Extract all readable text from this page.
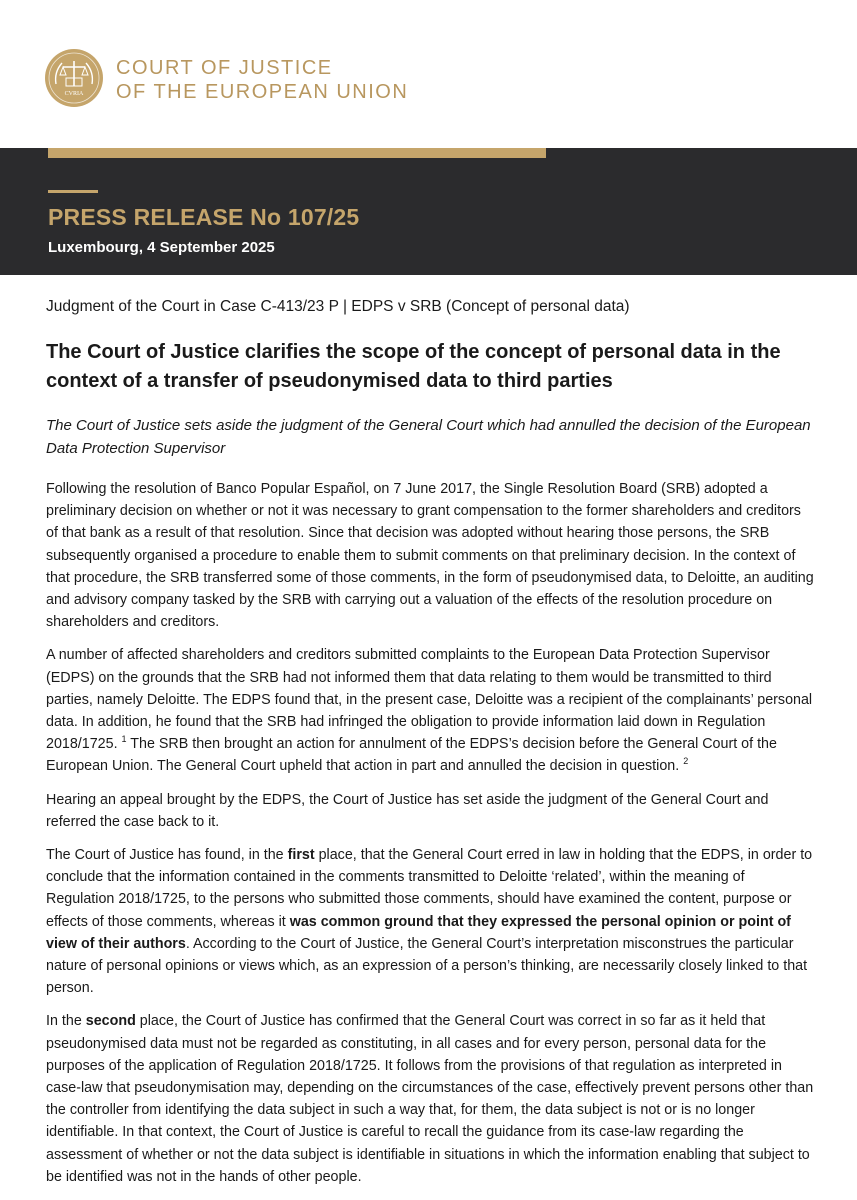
CVRIA
COURT OF JUSTICE
OF THE EUROPEAN UNION
PRESS RELEASE No 107/25
Luxembourg, 4 September 2025

Judgment of the Court in Case C-413/23 P | EDPS v SRB (Concept of personal data)

The Court of Justice clarifies the scope of the concept of personal data in the context of a transfer of pseudonymised data to third parties

The Court of Justice sets aside the judgment of the General Court which had annulled the decision of the European Data Protection Supervisor

Following the resolution of Banco Popular Español, on 7 June 2017, the Single Resolution Board (SRB) adopted a preliminary decision on whether or not it was necessary to grant compensation to the former shareholders and creditors of that bank as a result of that resolution. Since that decision was adopted without hearing those persons, the SRB subsequently organised a procedure to enable them to submit comments on that preliminary decision. In the context of that procedure, the SRB transferred some of those comments, in the form of pseudonymised data, to Deloitte, an auditing and advisory company tasked by the SRB with carrying out a valuation of the effects of the resolution procedure on shareholders and creditors.

A number of affected shareholders and creditors submitted complaints to the European Data Protection Supervisor (EDPS) on the grounds that the SRB had not informed them that data relating to them would be transmitted to third parties, namely Deloitte. The EDPS found that, in the present case, Deloitte was a recipient of the complainants’ personal data. In addition, he found that the SRB had infringed the obligation to provide information laid down in Regulation 2018/1725. $^1$ The SRB then brought an action for annulment of the EDPS’s decision before the General Court of the European Union. The General Court upheld that action in part and annulled the decision in question. $^2$

Hearing an appeal brought by the EDPS, the Court of Justice has set aside the judgment of the General Court and referred the case back to it.

The Court of Justice has found, in the first place, that the General Court erred in law in holding that the EDPS, in order to conclude that the information contained in the comments transmitted to Deloitte ‘related’, within the meaning of Regulation 2018/1725, to the persons who submitted those comments, should have examined the content, purpose or effects of those comments, whereas it was common ground that they expressed the personal opinion or point of view of their authors. According to the Court of Justice, the General Court’s interpretation misconstrues the particular nature of personal opinions or views which, as an expression of a person’s thinking, are necessarily closely linked to that person.

In the second place, the Court of Justice has confirmed that the General Court was correct in so far as it held that pseudonymised data must not be regarded as constituting, in all cases and for every person, personal data for the purposes of the application of Regulation 2018/1725. It follows from the provisions of that regulation as interpreted in case-law that pseudonymisation may, depending on the circumstances of the case, effectively prevent persons other than the controller from identifying the data subject in such a way that, for them, the data subject is not or is no longer identifiable. In that context, the Court of Justice is careful to recall the guidance from its case-law regarding the assessment of whether or not the data subject is identifiable in situations in which the information enabling that subject to be identified was not in the hands of other people.
